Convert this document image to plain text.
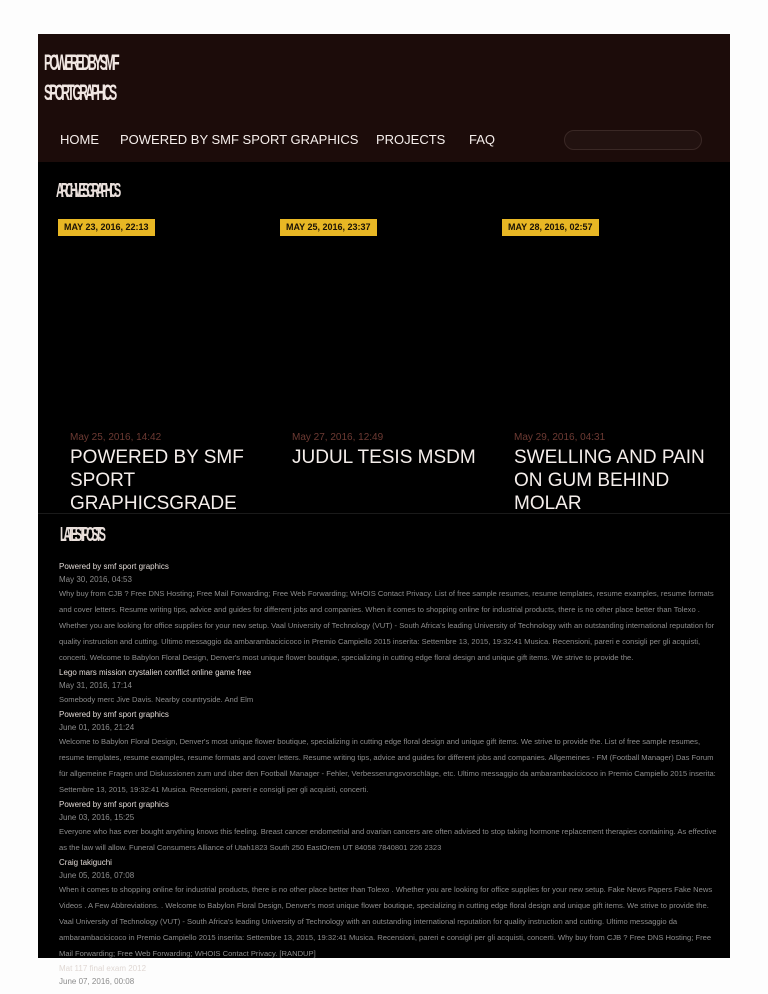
POWERED BY SMF
SPORT GRAPHICS
HOME POWERED BY SMF SPORT GRAPHICS PROJECTS FAQ
ARCHIVES GRAPHICS
MAY 23, 2016, 22:13
May 25, 2016, 14:42
POWERED BY SMF SPORT GRAPHICSGRADE
MAY 25, 2016, 23:37
May 27, 2016, 12:49
JUDUL TESIS MSDM
MAY 28, 2016, 02:57
May 29, 2016, 04:31
SWELLING AND PAIN ON GUM BEHIND MOLAR
LATEST POSTS
Powered by smf sport graphics
May 30, 2016, 04:53
Why buy from CJB ? Free DNS Hosting; Free Mail Forwarding; Free Web Forwarding; WHOIS Contact Privacy. List of free sample resumes, resume templates, resume examples, resume formats and cover letters. Resume writing tips, advice and guides for different jobs and companies. When it comes to shopping online for industrial products, there is no other place better than Tolexo . Whether you are looking for office supplies for your new setup. Vaal University of Technology (VUT) - South Africa's leading University of Technology with an outstanding international reputation for quality instruction and cutting. Ultimo messaggio da ambarambacicicoco in Premio Campiello 2015 inserita: Settembre 13, 2015, 19:32:41 Musica. Recensioni, pareri e consigli per gli acquisti, concerti. Welcome to Babylon Floral Design, Denver's most unique flower boutique, specializing in cutting edge floral design and unique gift items. We strive to provide the.
Lego mars mission crystalien conflict online game free
May 31, 2016, 17:14
Somebody merc Jive Davis. Nearby countryside. And Elm
Powered by smf sport graphics
June 01, 2016, 21:24
Welcome to Babylon Floral Design, Denver's most unique flower boutique, specializing in cutting edge floral design and unique gift items. We strive to provide the. List of free sample resumes, resume templates, resume examples, resume formats and cover letters. Resume writing tips, advice and guides for different jobs and companies. Allgemeines - FM (Football Manager) Das Forum für allgemeine Fragen und Diskussionen zum und über den Football Manager - Fehler, Verbesserungsvorschläge, etc. Ultimo messaggio da ambarambacicicoco in Premio Campiello 2015 inserita: Settembre 13, 2015, 19:32:41 Musica. Recensioni, pareri e consigli per gli acquisti, concerti.
Powered by smf sport graphics
June 03, 2016, 15:25
Everyone who has ever bought anything knows this feeling. Breast cancer endometrial and ovarian cancers are often advised to stop taking hormone replacement therapies containing. As effective as the law will allow. Funeral Consumers Alliance of Utah1823 South 250 EastOrem UT 84058 7840801 226 2323
Craig takiguchi
June 05, 2016, 07:08
When it comes to shopping online for industrial products, there is no other place better than Tolexo . Whether you are looking for office supplies for your new setup. Fake News Papers Fake News Videos . A Few Abbreviations. . Welcome to Babylon Floral Design, Denver's most unique flower boutique, specializing in cutting edge floral design and unique gift items. We strive to provide the. Vaal University of Technology (VUT) - South Africa's leading University of Technology with an outstanding international reputation for quality instruction and cutting. Ultimo messaggio da ambarambacicicoco in Premio Campiello 2015 inserita: Settembre 13, 2015, 19:32:41 Musica. Recensioni, pareri e consigli per gli acquisti, concerti. Why buy from CJB ? Free DNS Hosting; Free Mail Forwarding; Free Web Forwarding; WHOIS Contact Privacy. [RANDUP]
Mat 117 final exam 2012
June 07, 2016, 00:08
